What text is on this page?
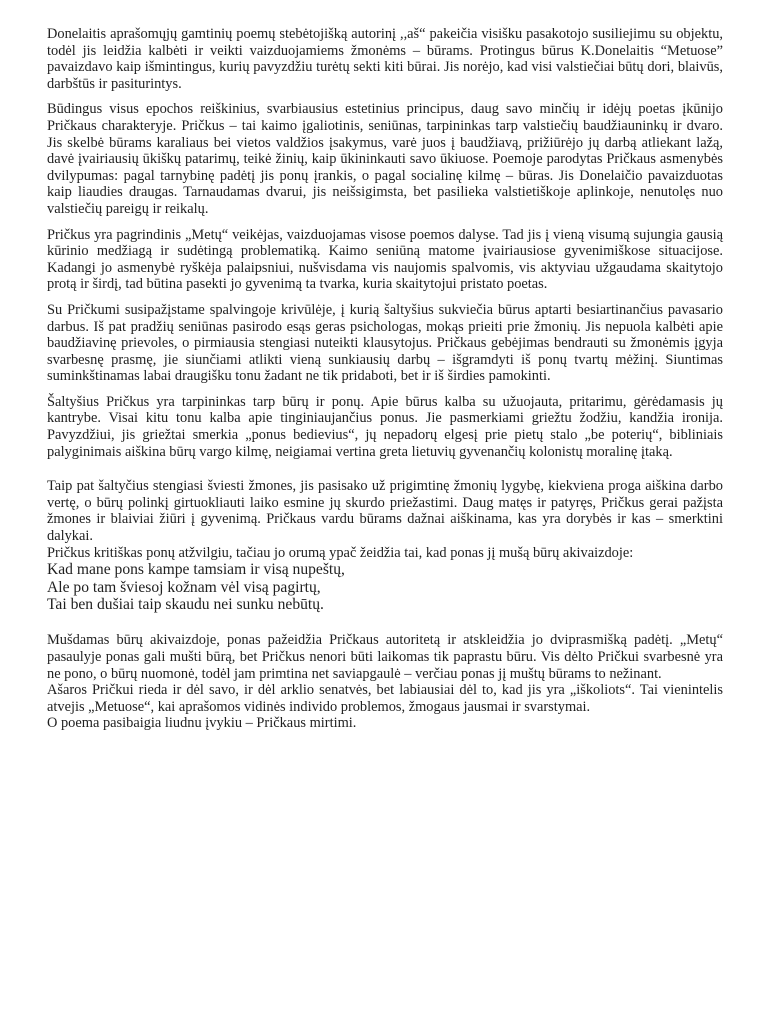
Donelaitis aprašomųjų gamtinių poemų stebėtojišką autorinį ,,aš“ pakeičia visišku pasakotojo susiliejimu su objektu, todėl jis leidžia kalbėti ir veikti vaizduojamiems žmonėms – būrams. Protingus būrus K.Donelaitis “Metuose” pavaizdavo kaip išmintingus, kurių pavyzdžiu turėtų sekti kiti būrai. Jis norėjo, kad visi valstiečiai būtų dori, blaivūs, darbštūs ir pasiturintys.

Būdingus visus epochos reiškinius, svarbiausius estetinius principus, daug savo minčių ir idėjų poetas įkūnijo Pričkaus charakteryje. Pričkus – tai kaimo įgaliotinis, seniūnas, tarpininkas tarp valstiečių baudžiauninkų ir dvaro. Jis skelbė būrams karaliaus bei vietos valdžios įsakymus, varė juos į baudžiavą, prižiūrėjo jų darbą atliekant lažą, davė įvairiausių ūkiškų patarimų, teikė žinių, kaip ūkininkauti savo ūkiuose. Poemoje parodytas Pričkaus asmenybės dvilypumas: pagal tarnybinę padėtį jis ponų įrankis, o pagal socialinę kilmę – būras. Jis Donelaičio pavaizduotas kaip liaudies draugas. Tarnaudamas dvarui, jis neišsigimsta, bet pasilieka valstietiškoje aplinkoje, nenutolęs nuo valstiečių pareigų ir reikalų.

Pričkus yra pagrindinis „Metų“ veikėjas, vaizduojamas visose poemos dalyse. Tad jis į vieną visumą sujungia gausią kūrinio medžiagą ir sudėtingą problematiką. Kaimo seniūną matome įvairiausiose gyvenimiškose situacijose. Kadangi jo asmenybė ryškėja palaipsniui, nušvisdama vis naujomis spalvomis, vis aktyviau užgaudama skaitytojo protą ir širdį, tad būtina pasekti jo gyvenimą ta tvarka, kuria skaitytojui pristato poetas.

Su Pričkumi susipažįstame spalvingoje krivūlėje, į kurią šaltyšius sukviečia būrus aptarti besiartinančius pavasario darbus. Iš pat pradžių seniūnas pasirodo esąs geras psichologas, mokąs prieiti prie žmonių. Jis nepuola kalbėti apie baudžiavinę prievoles, o pirmiausia stengiasi nuteikti klausytojus. Pričkaus gebėjimas bendrauti su žmonėmis įgyja svarbesnę prasmę, jie siunčiami atlikti vieną sunkiausių darbų – išgramdyti iš ponų tvartų mėžinį. Siuntimas suminkštinamas labai draugišku tonu žadant ne tik pridaboti, bet ir iš širdies pamokinti.

Šaltyšius Pričkus yra tarpininkas tarp būrų ir ponų. Apie būrus kalba su užuojauta, pritarimu, gėrėdamasis jų kantrybe. Visai kitu tonu kalba apie tinginiaujančius ponus. Jie pasmerkiami griežtu žodžiu, kandžia ironija. Pavyzdžiui, jis griežtai smerkia „ponus bedievius“, jų nepadorų elgesį prie pietų stalo „be poterių“, bibliniais palyginimais aiškina būrų vargo kilmę, neigiamai vertina greta lietuvių gyvenančių kolonistų moralinę įtaką.

Taip pat šaltyčius stengiasi šviesti žmones, jis pasisako už prigimtinę žmonių lygybę, kiekviena proga aiškina darbo vertę, o būrų polinkį girtuokliauti laiko esmine jų skurdo priežastimi. Daug matęs ir patyręs, Pričkus gerai pažįsta žmones ir blaiviai žiūri į gyvenimą. Pričkaus vardu būrams dažnai aiškinama, kas yra dorybės ir kas – smerktini dalykai.

Pričkus kritiškas ponų atžvilgiu, tačiau jo orumą ypač žeidžia tai, kad ponas jį mušą būrų akivaizdoje:

Kad mane pons kampe tamsiam ir visą nupeštų,

Ale po tam šviesoj kožnam vėl visą pagirtų,

Tai ben dušiai taip skaudu nei sunku nebūtų.

Mušdamas būrų akivaizdoje, ponas pažeidžia Pričkaus autoritetą ir atskleidžia jo dviprasmišką padėtį. „Metų“ pasaulyje ponas gali mušti būrą, bet Pričkus nenori būti laikomas tik paprastu būru. Vis dėlto Pričkui svarbesnė yra ne pono, o būrų nuomonė, todėl jam primtina net saviapgaulė – verčiau ponas jį muštų būrams to nežinant.

Ašaros Pričkui rieda ir dėl savo, ir dėl arklio senatvės, bet labiausiai dėl to, kad jis yra „iškoliots“. Tai vienintelis atvejis „Metuose“, kai aprašomos vidinės individo problemos, žmogaus jausmai ir svarstymai.

O poema pasibaigia liudnu įvykiu – Pričkaus mirtimi.
